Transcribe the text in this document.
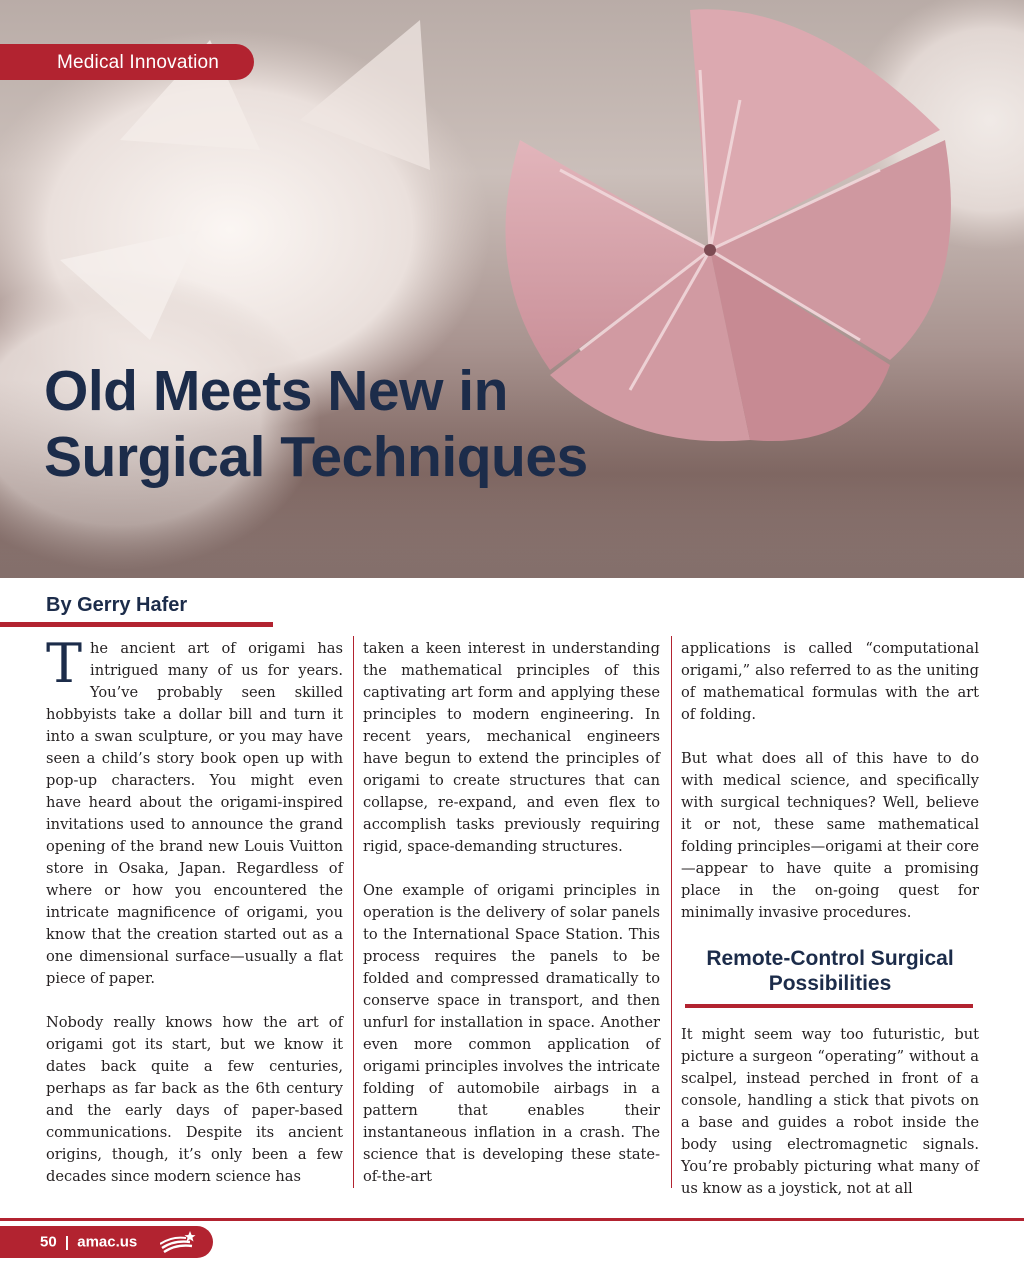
Medical Innovation
Old Meets New in
Surgical Techniques
By Gerry Hafer

The ancient art of origami has intrigued many of us for years. You’ve probably seen skilled hobbyists take a dollar bill and turn it into a swan sculpture, or you may have seen a child’s story book open up with pop-up characters. You might even have heard about the origami-inspired invitations used to announce the grand opening of the brand new Louis Vuitton store in Osaka, Japan. Regardless of where or how you encountered the intricate magnificence of origami, you know that the creation started out as a one dimensional surface—usually a flat piece of paper.

Nobody really knows how the art of origami got its start, but we know it dates back quite a few centuries, perhaps as far back as the 6th century and the early days of paper-based communications. Despite its ancient origins, though, it’s only been a few decades since modern science has

taken a keen interest in understanding the mathematical principles of this captivating art form and applying these principles to modern engineering. In recent years, mechanical engineers have begun to extend the principles of origami to create structures that can collapse, re-expand, and even flex to accomplish tasks previously requiring rigid, space-demanding structures.

One example of origami principles in operation is the delivery of solar panels to the International Space Station. This process requires the panels to be folded and compressed dramatically to conserve space in transport, and then unfurl for installation in space. Another even more common application of origami principles involves the intricate folding of automobile airbags in a pattern that enables their instantaneous inflation in a crash. The science that is developing these state-of-the-art

applications is called “computational origami,” also referred to as the uniting of mathematical formulas with the art of folding.

But what does all of this have to do with medical science, and specifically with surgical techniques? Well, believe it or not, these same mathematical folding principles—origami at their core—appear to have quite a promising place in the on-going quest for minimally invasive procedures.

Remote-Control Surgical
Possibilities

It might seem way too futuristic, but picture a surgeon “operating” without a scalpel, instead perched in front of a console, handling a stick that pivots on a base and guides a robot inside the body using electromagnetic signals. You’re probably picturing what many of us know as a joystick, not at all

50 | amac.us
